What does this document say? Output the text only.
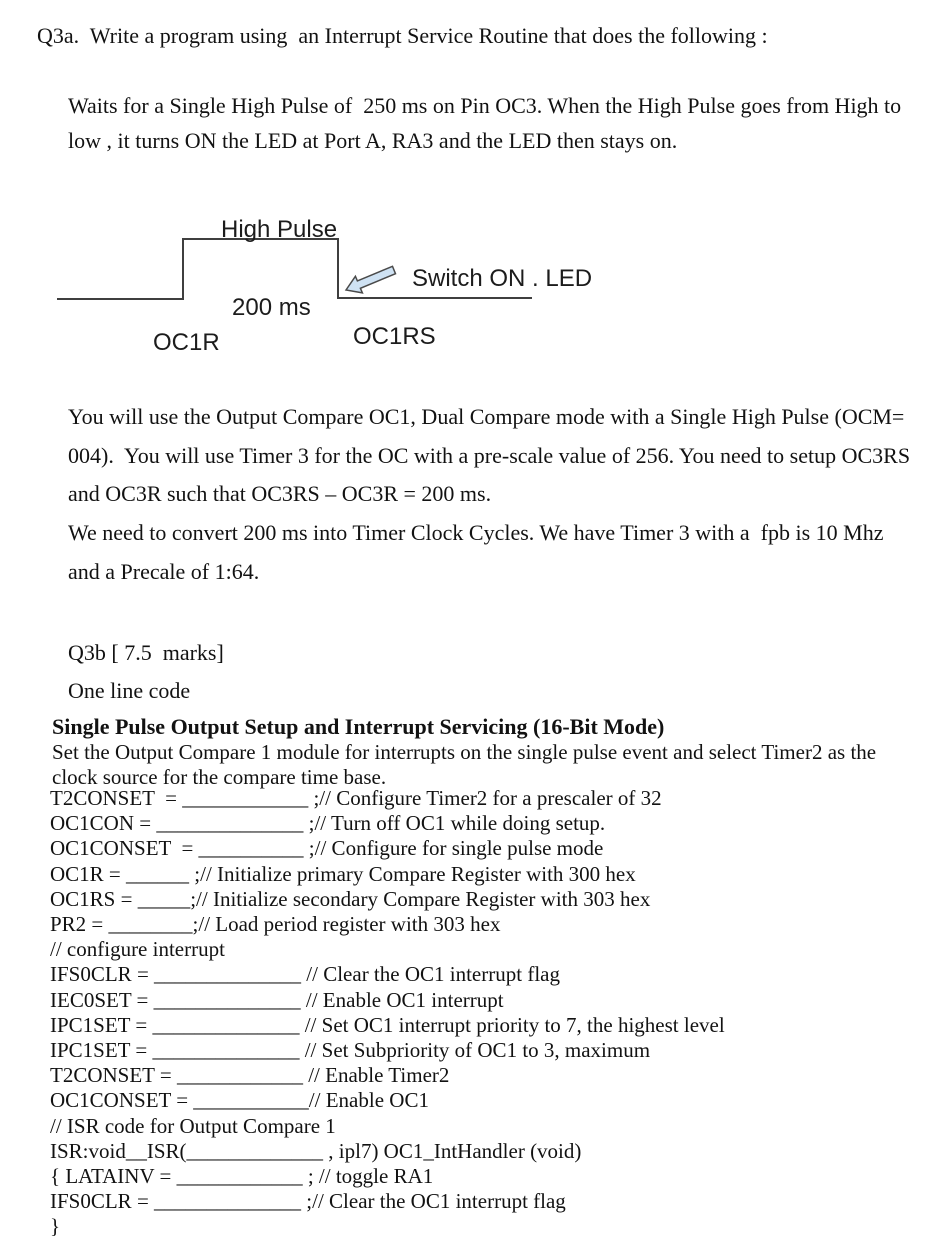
Q3a.  Write a program using  an Interrupt Service Routine that does the following :
Waits for a Single High Pulse of  250 ms on Pin OC3. When the High Pulse goes from High to
low , it turns ON the LED at Port A, RA3 and the LED then stays on.
High Pulse
200 ms
Switch ON . LED
OC1R	OC1RS
You will use the Output Compare OC1, Dual Compare mode with a Single High Pulse (OCM=
004).  You will use Timer 3 for the OC with a pre-scale value of 256. You need to setup OC3RS
and OC3R such that OC3RS – OC3R = 200 ms.
We need to convert 200 ms into Timer Clock Cycles. We have Timer 3 with a  fpb is 10 Mhz
and a Precale of 1:64.
Q3b [ 7.5  marks]
One line code
Single Pulse Output Setup and Interrupt Servicing (16-Bit Mode)
Set the Output Compare 1 module for interrupts on the single pulse event and select Timer2 as the
clock source for the compare time base.
T2CONSET  = ____________ ;// Configure Timer2 for a prescaler of 32
OC1CON = ______________ ;// Turn off OC1 while doing setup.
OC1CONSET  = __________ ;// Configure for single pulse mode
OC1R = ______ ;// Initialize primary Compare Register with 300 hex
OC1RS = _____;// Initialize secondary Compare Register with 303 hex
PR2 = ________;// Load period register with 303 hex
// configure interrupt
IFS0CLR = ______________ // Clear the OC1 interrupt flag
IEC0SET = ______________ // Enable OC1 interrupt
IPC1SET = ______________ // Set OC1 interrupt priority to 7, the highest level
IPC1SET = ______________ // Set Subpriority of OC1 to 3, maximum
T2CONSET = ____________ // Enable Timer2
OC1CONSET = ___________// Enable OC1
// ISR code for Output Compare 1
ISR:void__ISR(_____________ , ipl7) OC1_IntHandler (void)
{ LATAINV = ____________ ; // toggle RA1
IFS0CLR = ______________ ;// Clear the OC1 interrupt flag
}
